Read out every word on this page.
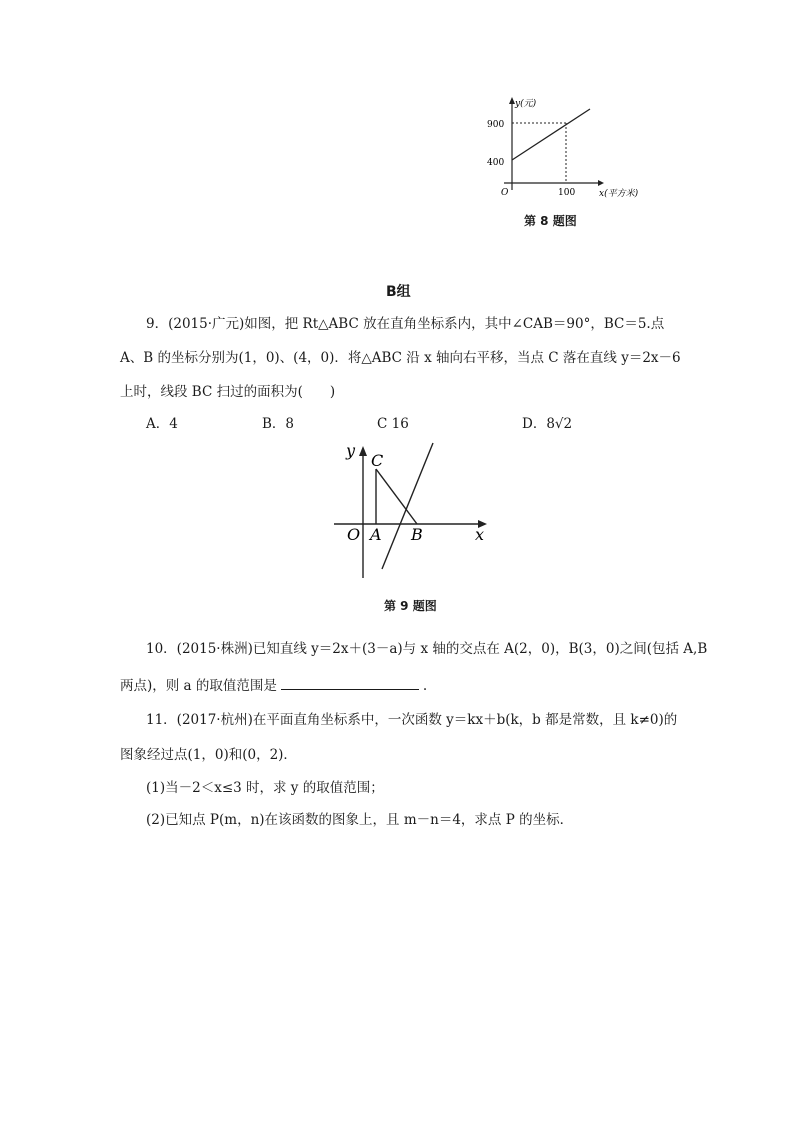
y(元)
900
400
O	100	x(平方米)
第 8 题图
B组
9．(2015·广元)如图，把 Rt△ABC 放在直角坐标系内，其中∠CAB＝90°，BC＝5.点
A、B 的坐标分别为(1，0)、(4，0)．将△ABC 沿 x 轴向右平移，当点 C 落在直线 y＝2x－6
上时，线段 BC 扫过的面积为(　　)
A．4	B．8	C 16	D．8√2
y
C
O A B	x
第 9 题图
10．(2015·株洲)已知直线 y＝2x＋(3－a)与 x 轴的交点在 A(2，0)，B(3，0)之间(包括 A,B
两点)，则 a 的取值范围是	.
11．(2017·杭州)在平面直角坐标系中，一次函数 y＝kx＋b(k，b 都是常数，且 k≠0)的
图象经过点(1，0)和(0，2)．
(1)当－2＜x≤3 时，求 y 的取值范围；
(2)已知点 P(m，n)在该函数的图象上，且 m－n＝4，求点 P 的坐标．
